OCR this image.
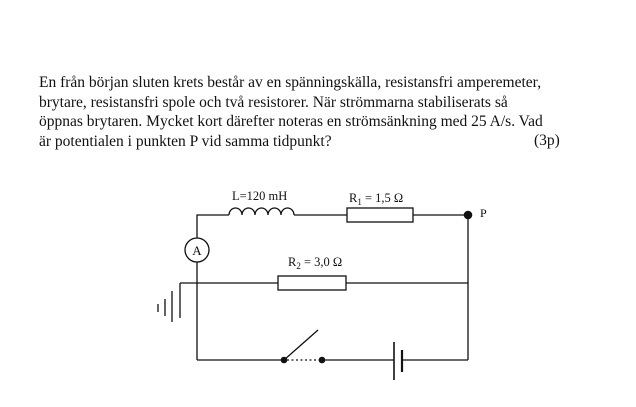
En från början sluten krets består av en spänningskälla, resistansfri amperemeter,
brytare, resistansfri spole och två resistorer. När strömmarna stabiliserats så
öppnas brytaren. Mycket kort därefter noteras en strömsänkning med 25 A/s. Vad
är potentialen i punkten P vid samma tidpunkt?	(3p)
L=120 mH	$R_1 = 1,5$ Ω
$R_2 = 3,0$ Ω
A
P
